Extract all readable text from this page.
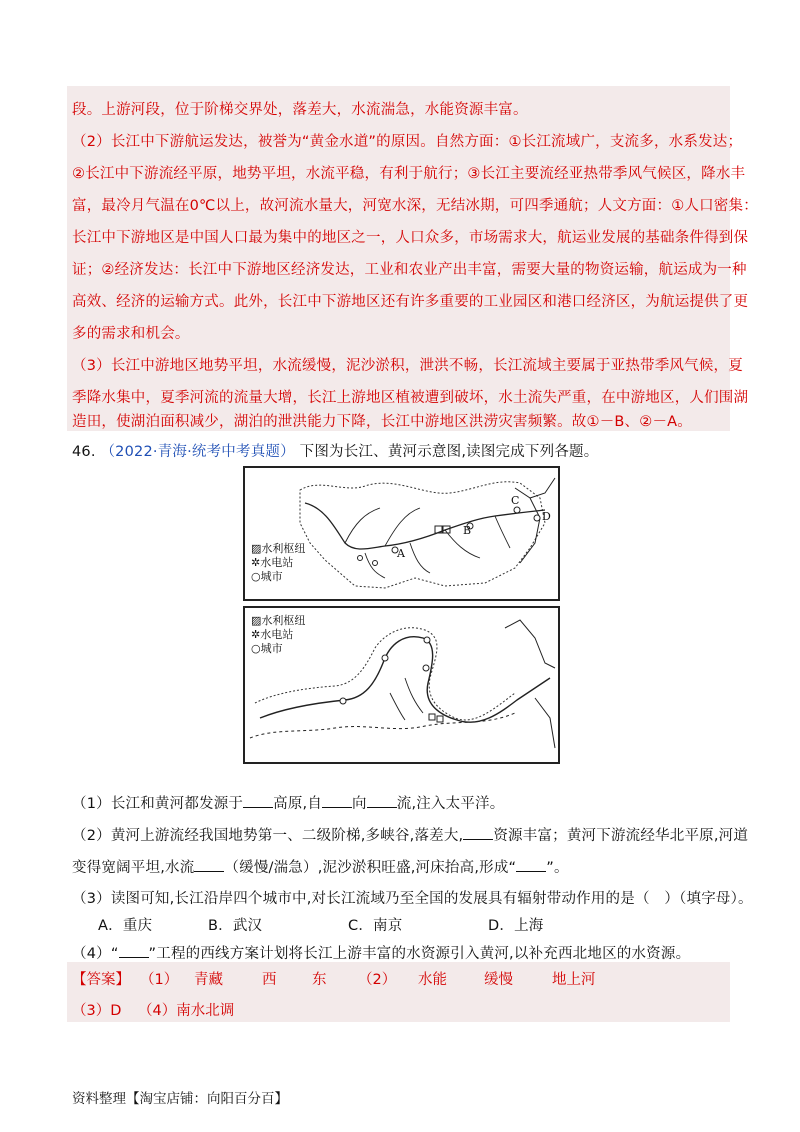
段。上游河段，位于阶梯交界处，落差大，水流湍急，水能资源丰富。
（2）长江中下游航运发达，被誉为“黄金水道”的原因。自然方面：①长江流域广，支流多，水系发达；
②长江中下游流经平原，地势平坦，水流平稳，有利于航行；③长江主要流经亚热带季风气候区，降水丰
富，最冷月气温在0℃以上，故河流水量大，河宽水深，无结冰期，可四季通航；人文方面：①人口密集：
长江中下游地区是中国人口最为集中的地区之一，人口众多，市场需求大，航运业发展的基础条件得到保
证；②经济发达：长江中下游地区经济发达，工业和农业产出丰富，需要大量的物资运输，航运成为一种
高效、经济的运输方式。此外，长江中下游地区还有许多重要的工业园区和港口经济区，为航运提供了更
多的需求和机会。
（3）长江中游地区地势平坦，水流缓慢，泥沙淤积，泄洪不畅，长江流域主要属于亚热带季风气候，夏
季降水集中，夏季河流的流量大增，长江上游地区植被遭到破坏，水土流失严重，在中游地区，人们围湖
造田，使湖泊面积减少，湖泊的泄洪能力下降，长江中游地区洪涝灾害频繁。故①－B、②－A。
46. （2022·青海·统考中考真题） 下图为长江、黄河示意图,读图完成下列各题。
A
B
C
D
▨水利枢纽
✲水电站
○城市
▨水利枢纽
✲水电站
○城市
（1）长江和黄河都发源于 高原,自 向 流,注入太平洋。
（2）黄河上游流经我国地势第一、二级阶梯,多峡谷,落差大, 资源丰富；黄河下游流经华北平原,河道
变得宽阔平坦,水流 （缓慢/湍急）,泥沙淤积旺盛,河床抬高,形成“ ”。
（3）读图可知,长江沿岸四个城市中,对长江流域乃至全国的发展具有辐射带动作用的是（　）（填字母）。
A．重庆	B．武汉	C．南京	D．上海
（4）“ ”工程的西线方案计划将长江上游丰富的水资源引入黄河,以补充西北地区的水资源。
【答案】 （1） 青藏	西 东 （2） 水能	缓慢	地上河
（3）D （4）南水北调
资料整理【淘宝店铺：向阳百分百】
